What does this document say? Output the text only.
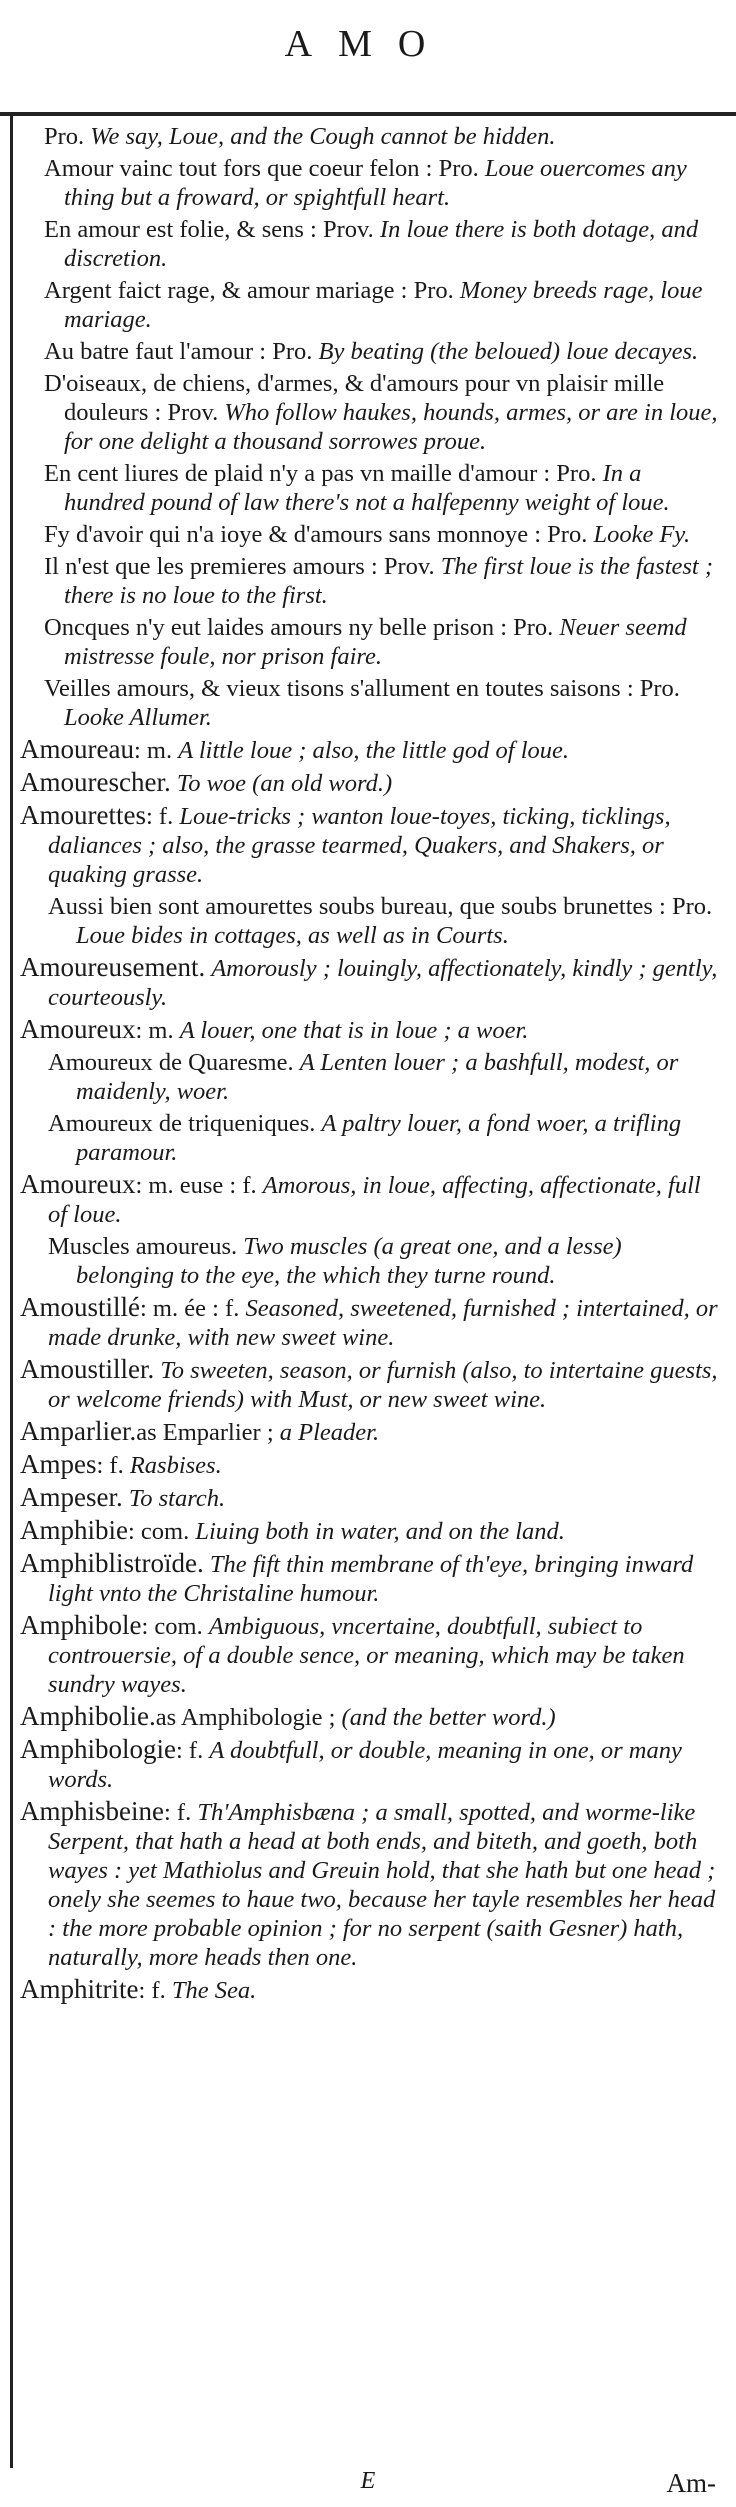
AMO

Pro. We say, Loue, and the Cough cannot be hidden.

Amour vainc tout fors que coeur felon : Pro. Loue ouercomes any thing but a froward, or spightfull heart.

En amour est folie, & sens : Prov. In loue there is both dotage, and discretion.

Argent faict rage, & amour mariage : Pro. Money breeds rage, loue mariage.

Au batre faut l'amour : Pro. By beating (the beloued) loue decayes.

D'oiseaux, de chiens, d'armes, & d'amours pour vn plaisir mille douleurs : Prov. Who follow haukes, hounds, armes, or are in loue, for one delight a thousand sorrowes proue.

En cent liures de plaid n'y a pas vn maille d'amour : Pro. In a hundred pound of law there's not a halfepenny weight of loue.

Fy d'avoir qui n'a ioye & d'amours sans monnoye : Pro. Looke Fy.

Il n'est que les premieres amours : Prov. The first loue is the fastest ; there is no loue to the first.

Oncques n'y eut laides amours ny belle prison : Pro. Neuer seemd mistresse foule, nor prison faire.

Veilles amours, & vieux tisons s'allument en toutes saisons : Pro. Looke Allumer.

Amoureau: m. A little loue ; also, the little god of loue.

Amourescher. To woe (an old word.)

Amourettes: f. Loue-tricks ; wanton loue-toyes, ticking, ticklings, daliances ; also, the grasse tearmed, Quakers, and Shakers, or quaking grasse.

Aussi bien sont amourettes soubs bureau, que soubs brunettes : Pro. Loue bides in cottages, as well as in Courts.

Amoureusement. Amorously ; louingly, affectionately, kindly ; gently, courteously.

Amoureux: m. A louer, one that is in loue ; a woer.

Amoureux de Quaresme. A Lenten louer ; a bashfull, modest, or maidenly, woer.

Amoureux de triqueniques. A paltry louer, a fond woer, a trifling paramour.

Amoureux: m. euse : f. Amorous, in loue, affecting, affectionate, full of loue.

Muscles amoureus. Two muscles (a great one, and a lesse) belonging to the eye, the which they turne round.

Amoustillé: m. ée : f. Seasoned, sweetened, furnished ; intertained, or made drunke, with new sweet wine.

Amoustiller. To sweeten, season, or furnish (also, to intertaine guests, or welcome friends) with Must, or new sweet wine.

Amparlier.as Emparlier ; a Pleader.

Ampes: f. Rasbises.

Ampeser. To starch.

Amphibie: com. Liuing both in water, and on the land.

Amphiblistroïde. The fift thin membrane of th'eye, bringing inward light vnto the Christaline humour.

Amphibole: com. Ambiguous, vncertaine, doubtfull, subiect to controuersie, of a double sence, or meaning, which may be taken sundry wayes.

Amphibolie.as Amphibologie ; (and the better word.)

Amphibologie: f. A doubtfull, or double, meaning in one, or many words.

Amphisbeine: f. Th'Amphisbæna ; a small, spotted, and worme-like Serpent, that hath a head at both ends, and biteth, and goeth, both wayes : yet Mathiolus and Greuin hold, that she hath but one head ; onely she seemes to haue two, because her tayle resembles her head : the more probable opinion ; for no serpent (saith Gesner) hath, naturally, more heads then one.

Amphitrite: f. The Sea.

E	Am-
